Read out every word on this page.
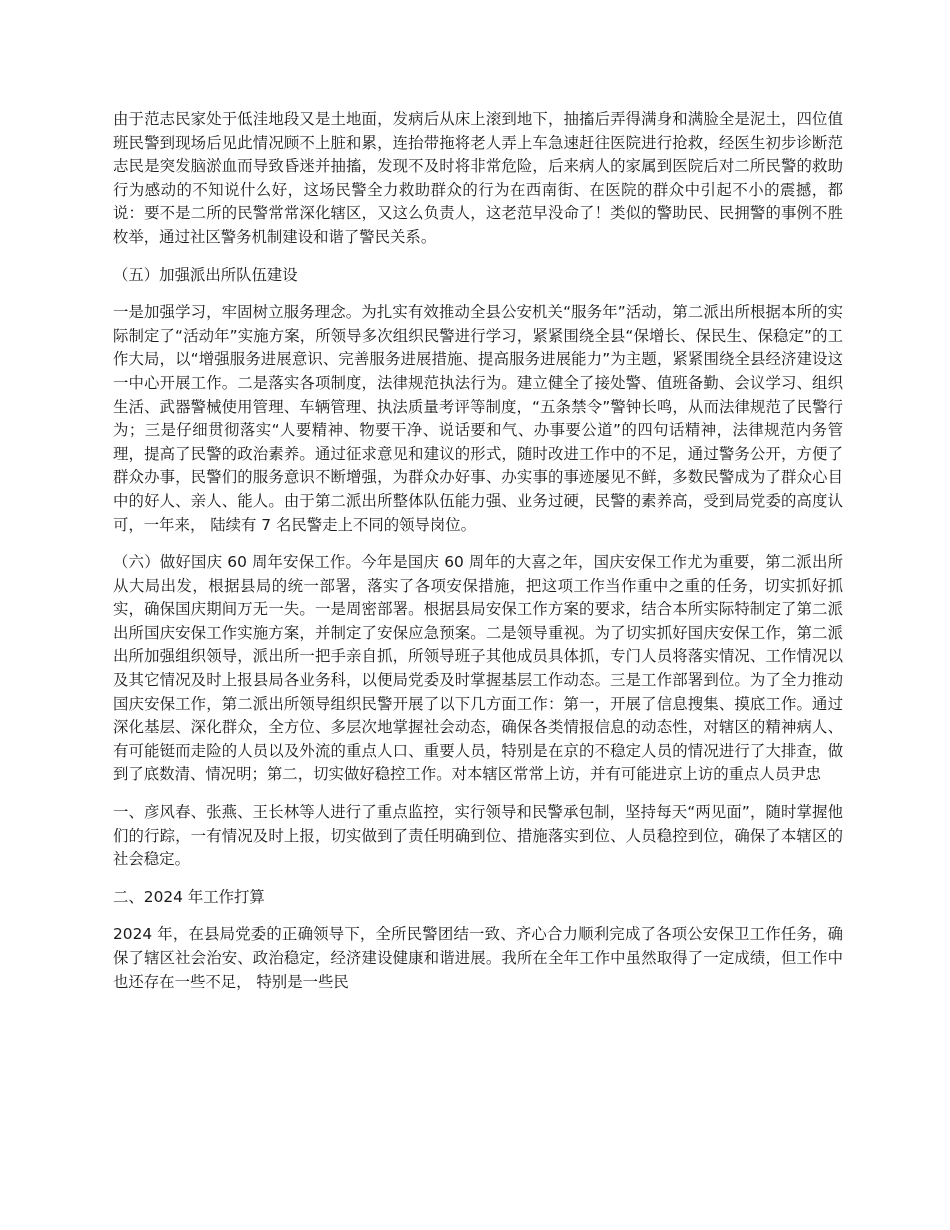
由于范志民家处于低洼地段又是土地面，发病后从床上滚到地下，抽搐后弄得满身和满脸全是泥土，四位值班民警到现场后见此情况顾不上脏和累，连抬带拖将老人弄上车急速赶往医院进行抢救，经医生初步诊断范志民是突发脑淤血而导致昏迷并抽搐，发现不及时将非常危险，后来病人的家属到医院后对二所民警的救助行为感动的不知说什么好，这场民警全力救助群众的行为在西南街、在医院的群众中引起不小的震撼，都说：要不是二所的民警常常深化辖区，又这么负责人，这老范早没命了！类似的警助民、民拥警的事例不胜枚举，通过社区警务机制建设和谐了警民关系。

（五）加强派出所队伍建设

一是加强学习，牢固树立服务理念。为扎实有效推动全县公安机关“服务年”活动，第二派出所根据本所的实际制定了“活动年”实施方案，所领导多次组织民警进行学习，紧紧围绕全县“保增长、保民生、保稳定”的工作大局，以“增强服务进展意识、完善服务进展措施、提高服务进展能力”为主题，紧紧围绕全县经济建设这一中心开展工作。二是落实各项制度，法律规范执法行为。建立健全了接处警、值班备勤、会议学习、组织生活、武器警械使用管理、车辆管理、执法质量考评等制度，“五条禁令”警钟长鸣，从而法律规范了民警行为；三是仔细贯彻落实“人要精神、物要干净、说话要和气、办事要公道”的四句话精神，法律规范内务管理，提高了民警的政治素养。通过征求意见和建议的形式，随时改进工作中的不足，通过警务公开，方便了群众办事，民警们的服务意识不断增强，为群众办好事、办实事的事迹屡见不鲜，多数民警成为了群众心目中的好人、亲人、能人。由于第二派出所整体队伍能力强、业务过硬，民警的素养高，受到局党委的高度认可，一年来， 陆续有 7 名民警走上不同的领导岗位。

（六）做好国庆 60 周年安保工作。今年是国庆 60 周年的大喜之年，国庆安保工作尤为重要，第二派出所从大局出发，根据县局的统一部署，落实了各项安保措施，把这项工作当作重中之重的任务，切实抓好抓实，确保国庆期间万无一失。一是周密部署。根据县局安保工作方案的要求，结合本所实际特制定了第二派出所国庆安保工作实施方案，并制定了安保应急预案。二是领导重视。为了切实抓好国庆安保工作，第二派出所加强组织领导，派出所一把手亲自抓，所领导班子其他成员具体抓，专门人员将落实情况、工作情况以及其它情况及时上报县局各业务科，以便局党委及时掌握基层工作动态。三是工作部署到位。为了全力推动国庆安保工作，第二派出所领导组织民警开展了以下几方面工作：第一，开展了信息搜集、摸底工作。通过深化基层、深化群众，全方位、多层次地掌握社会动态，确保各类情报信息的动态性，对辖区的精神病人、有可能铤而走险的人员以及外流的重点人口、重要人员，特别是在京的不稳定人员的情况进行了大排查，做到了底数清、情况明；第二，切实做好稳控工作。对本辖区常常上访，并有可能进京上访的重点人员尹忠

一、彦风春、张燕、王长林等人进行了重点监控，实行领导和民警承包制，坚持每天“两见面”，随时掌握他们的行踪，一有情况及时上报，切实做到了责任明确到位、措施落实到位、人员稳控到位，确保了本辖区的社会稳定。

二、2024 年工作打算

2024 年，在县局党委的正确领导下，全所民警团结一致、齐心合力顺利完成了各项公安保卫工作任务，确保了辖区社会治安、政治稳定，经济建设健康和谐进展。我所在全年工作中虽然取得了一定成绩，但工作中也还存在一些不足， 特别是一些民
